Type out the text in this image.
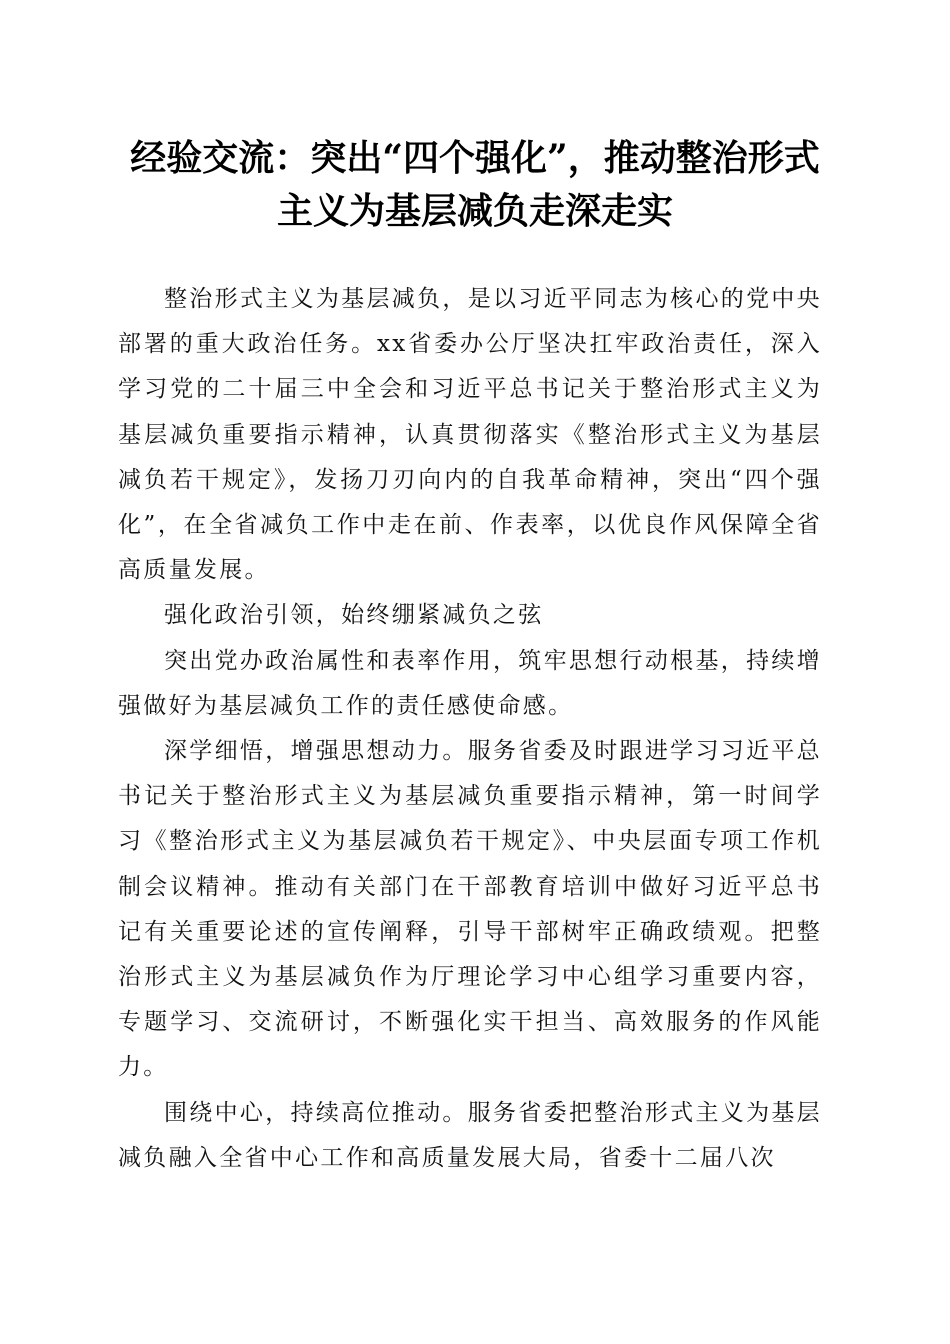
经验交流：突出“四个强化”，推动整治形式
主义为基层减负走深走实

整治形式主义为基层减负，是以习近平同志为核心的党中央部署的重大政治任务。xx省委办公厅坚决扛牢政治责任，深入学习党的二十届三中全会和习近平总书记关于整治形式主义为基层减负重要指示精神，认真贯彻落实《整治形式主义为基层减负若干规定》，发扬刀刃向内的自我革命精神，突出“四个强化”，在全省减负工作中走在前、作表率，以优良作风保障全省高质量发展。

强化政治引领，始终绷紧减负之弦

突出党办政治属性和表率作用，筑牢思想行动根基，持续增强做好为基层减负工作的责任感使命感。

深学细悟，增强思想动力。服务省委及时跟进学习习近平总书记关于整治形式主义为基层减负重要指示精神，第一时间学习《整治形式主义为基层减负若干规定》、中央层面专项工作机制会议精神。推动有关部门在干部教育培训中做好习近平总书记有关重要论述的宣传阐释，引导干部树牢正确政绩观。把整治形式主义为基层减负作为厅理论学习中心组学习重要内容，专题学习、交流研讨，不断强化实干担当、高效服务的作风能力。

围绕中心，持续高位推动。服务省委把整治形式主义为基层减负融入全省中心工作和高质量发展大局，省委十二届八次
